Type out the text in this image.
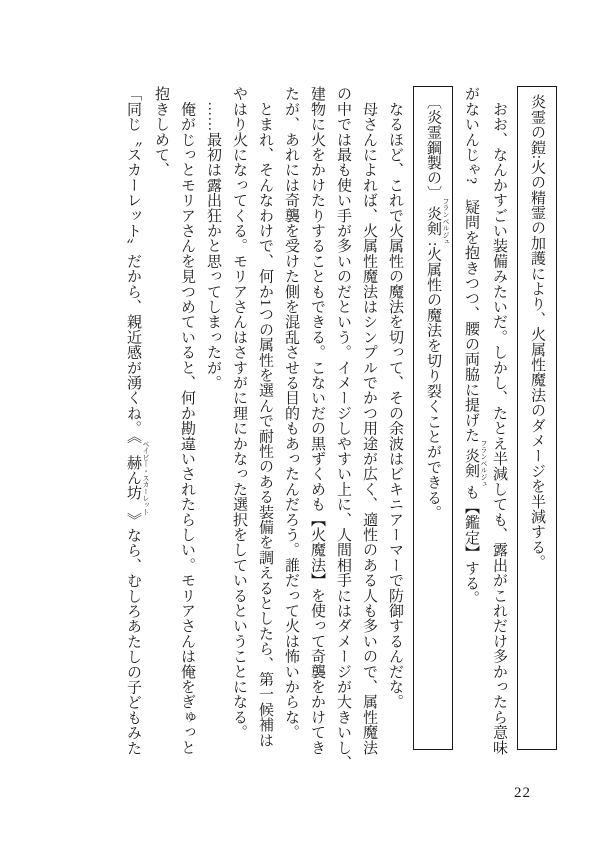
炎霊の鎧:火の精霊の加護により、火属性魔法のダメージを半減する。
　おお、なんかすごい装備みたいだ。しかし、たとえ半減しても、露出がこれだけ多かったら意味
がないんじゃ?　疑問を抱きつつ、腰の両脇に提げた炎剣 フランベルジュも【鑑定】する。
〔炎霊鋼製の〕炎剣 フランベルジュ:火属性の魔法を切り裂くことができる。
　なるほど、これで火属性の魔法を切って、その余波はビキニアーマーで防御するんだな。
　母さんによれば、火属性魔法はシンプルでかつ用途が広く、適性のある人も多いので、属性魔法
の中では最も使い手が多いのだという。イメージしやすい上に、人間相手にはダメージが大きいし、
建物に火をかけたりすることもできる。こないだの黒ずくめも【火魔法】を使って奇襲をかけてき
たが、あれには奇襲を受けた側を混乱させる目的もあったんだろう。誰だって火は怖いからな。
　とまれ、そんなわけで、何か1つの属性を選んで耐性のある装備を調えるとしたら、第一候補は
やはり火になってくる。モリアさんはさすがに理にかなった選択をしているということになる。
　……最初は露出狂かと思ってしまったが。
　俺がじっとモリアさんを見つめていると、何か勘違いされたらしい。モリアさんは俺をぎゅっと
抱きしめて、
「同じ〝スカーレット〟だから、親近感が湧くね。《赫ん坊 ベイビー・スカーレット》なら、むしろあたしの子どもみた
22
